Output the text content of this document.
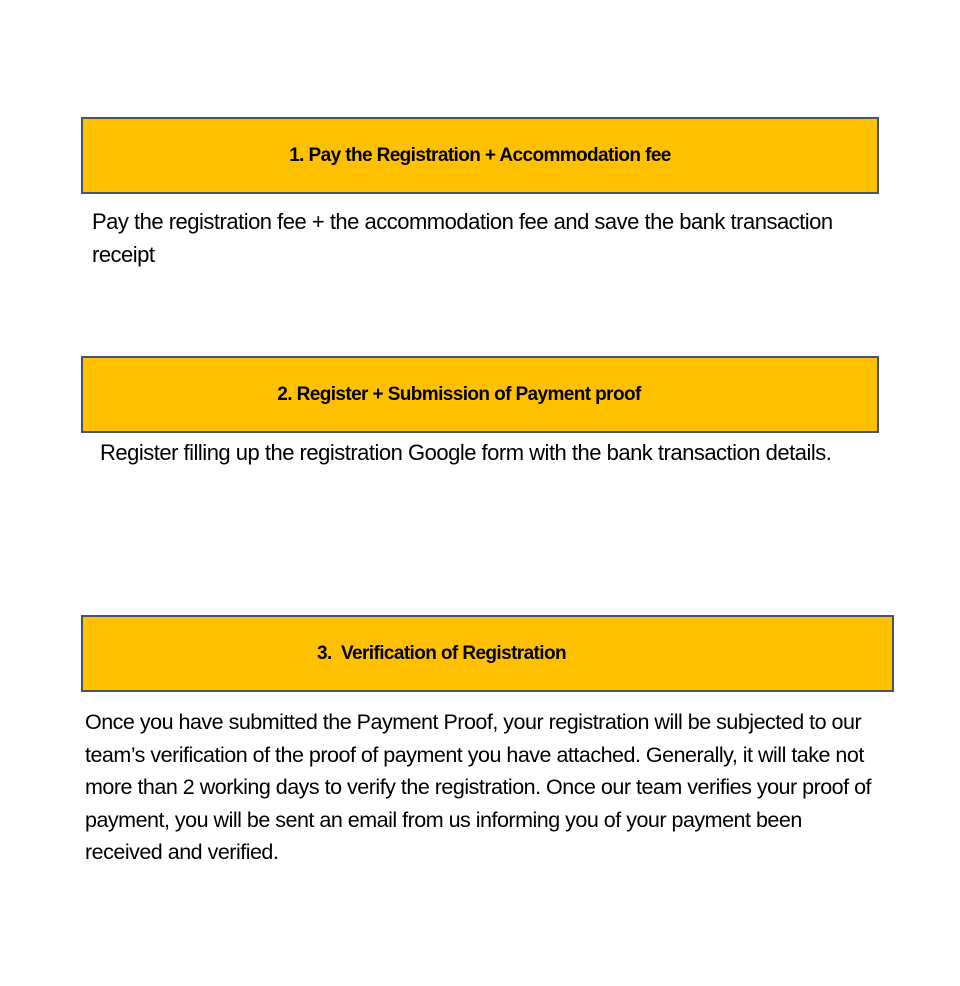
1. Pay the Registration + Accommodation fee
Pay the registration fee + the accommodation fee and save the bank transaction receipt
2. Register + Submission of Payment proof
Register filling up the registration Google form with the bank transaction details.
3.  Verification of Registration
Once you have submitted the Payment Proof, your registration will be subjected to our team’s verification of the proof of payment you have attached. Generally, it will take not more than 2 working days to verify the registration. Once our team verifies your proof of payment, you will be sent an email from us informing you of your payment been received and verified.
